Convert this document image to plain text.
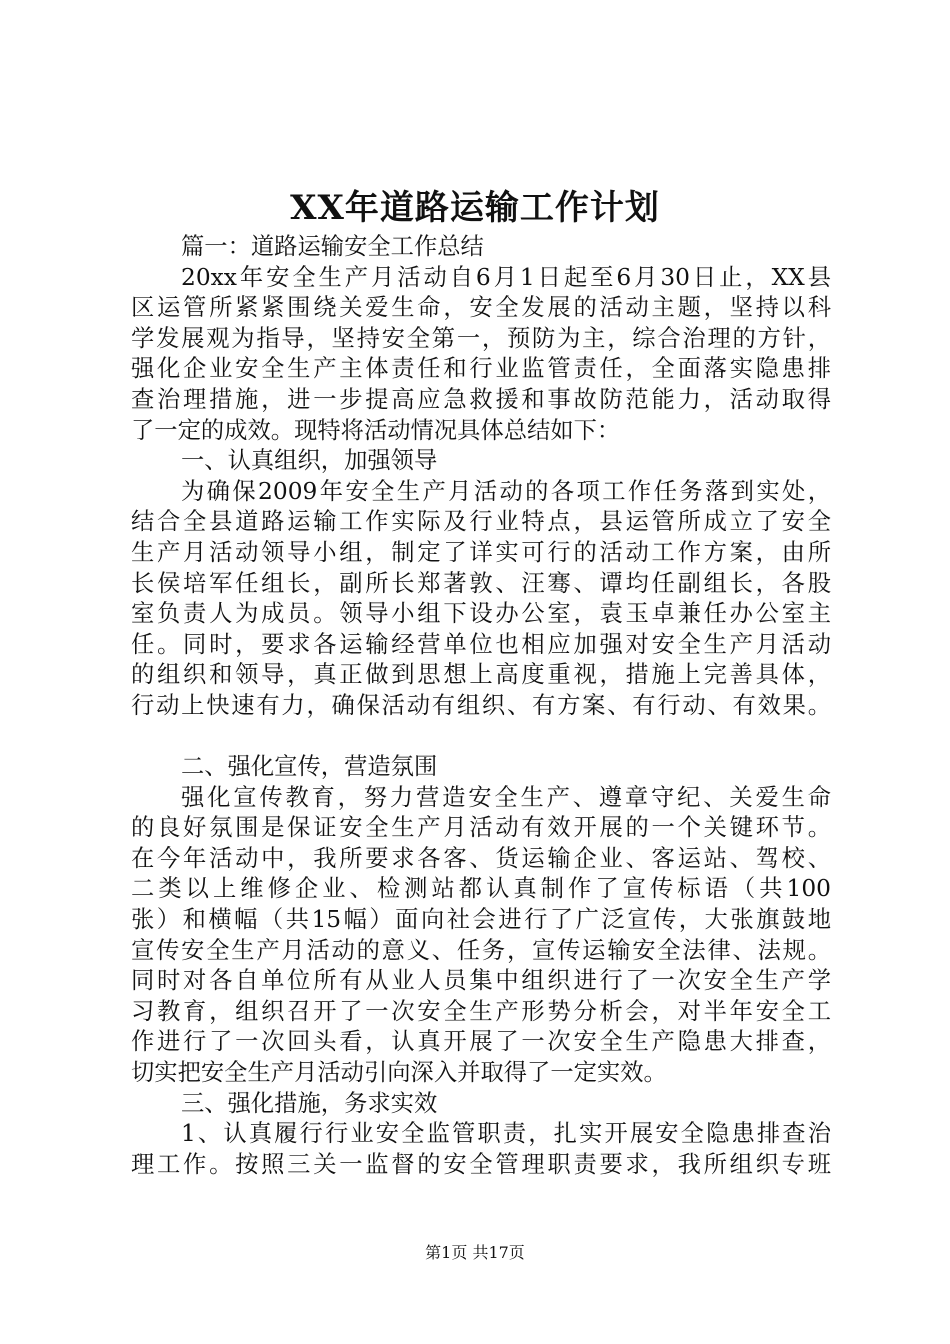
XX年道路运输工作计划
篇一：道路运输安全工作总结
20xx年安全生产月活动自6月1日起至6月30日止，XX县
区运管所紧紧围绕关爱生命，安全发展的活动主题，坚持以科
学发展观为指导，坚持安全第一，预防为主，综合治理的方针，
强化企业安全生产主体责任和行业监管责任，全面落实隐患排
查治理措施，进一步提高应急救援和事故防范能力，活动取得
了一定的成效。现特将活动情况具体总结如下：
一、认真组织，加强领导
为确保2009年安全生产月活动的各项工作任务落到实处，
结合全县道路运输工作实际及行业特点，县运管所成立了安全
生产月活动领导小组，制定了详实可行的活动工作方案，由所
长侯培军任组长，副所长郑著敦、汪骞、谭均任副组长，各股
室负责人为成员。领导小组下设办公室，袁玉卓兼任办公室主
任。同时，要求各运输经营单位也相应加强对安全生产月活动
的组织和领导，真正做到思想上高度重视，措施上完善具体，
行动上快速有力，确保活动有组织、有方案、有行动、有效果。
二、强化宣传，营造氛围
强化宣传教育，努力营造安全生产、遵章守纪、关爱生命
的良好氛围是保证安全生产月活动有效开展的一个关键环节。
在今年活动中，我所要求各客、货运输企业、客运站、驾校、
二类以上维修企业、检测站都认真制作了宣传标语（共100
张）和横幅（共15幅）面向社会进行了广泛宣传，大张旗鼓地
宣传安全生产月活动的意义、任务，宣传运输安全法律、法规。
同时对各自单位所有从业人员集中组织进行了一次安全生产学
习教育，组织召开了一次安全生产形势分析会，对半年安全工
作进行了一次回头看，认真开展了一次安全生产隐患大排查，
切实把安全生产月活动引向深入并取得了一定实效。
三、强化措施，务求实效
1、认真履行行业安全监管职责，扎实开展安全隐患排查治
理工作。按照三关一监督的安全管理职责要求，我所组织专班
第1页 共17页
